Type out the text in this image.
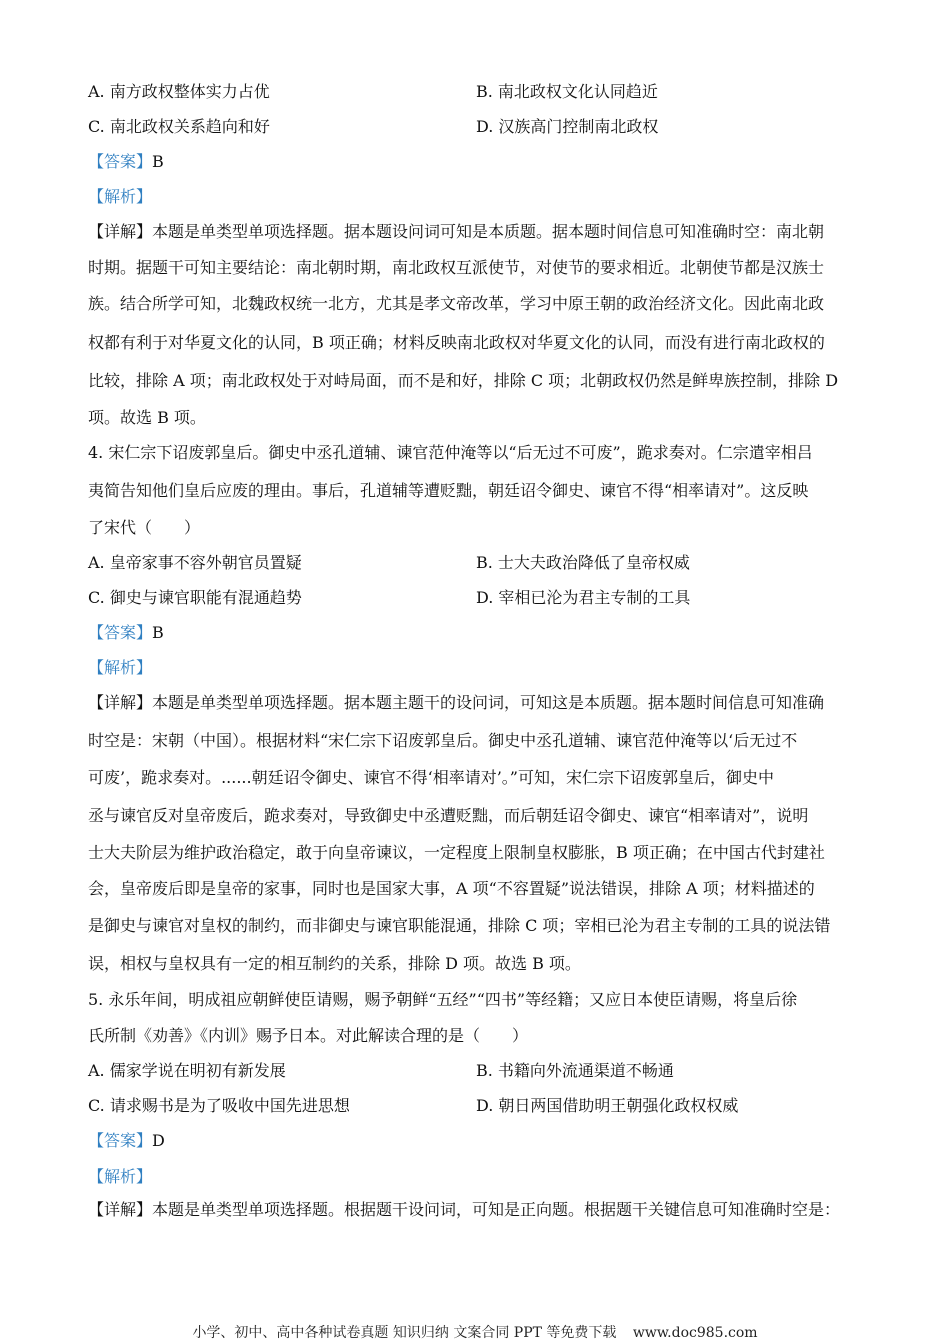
A. 南方政权整体实力占优	B. 南北政权文化认同趋近
C. 南北政权关系趋向和好	D. 汉族高门控制南北政权
【答案】B
【解析】
【详解】本题是单类型单项选择题。据本题设问词可知是本质题。据本题时间信息可知准确时空：南北朝
时期。据题干可知主要结论：南北朝时期，南北政权互派使节，对使节的要求相近。北朝使节都是汉族士
族。结合所学可知，北魏政权统一北方，尤其是孝文帝改革，学习中原王朝的政治经济文化。因此南北政
权都有利于对华夏文化的认同，B 项正确；材料反映南北政权对华夏文化的认同，而没有进行南北政权的
比较，排除 A 项；南北政权处于对峙局面，而不是和好，排除 C 项；北朝政权仍然是鲜卑族控制，排除 D
项。故选 B 项。
4. 宋仁宗下诏废郭皇后。御史中丞孔道辅、谏官范仲淹等以“后无过不可废”，跪求奏对。仁宗遣宰相吕
夷简告知他们皇后应废的理由。事后，孔道辅等遭贬黜，朝廷诏令御史、谏官不得“相率请对”。这反映
了宋代（　　）
A. 皇帝家事不容外朝官员置疑	B. 士大夫政治降低了皇帝权威
C. 御史与谏官职能有混通趋势	D. 宰相已沦为君主专制的工具
【答案】B
【解析】
【详解】本题是单类型单项选择题。据本题主题干的设问词，可知这是本质题。据本题时间信息可知准确
时空是：宋朝（中国）。根据材料“宋仁宗下诏废郭皇后。御史中丞孔道辅、谏官范仲淹等以‘后无过不
可废’，跪求奏对。......朝廷诏令御史、谏官不得‘相率请对’。”可知，宋仁宗下诏废郭皇后，御史中
丞与谏官反对皇帝废后，跪求奏对，导致御史中丞遭贬黜，而后朝廷诏令御史、谏官“相率请对”，说明
士大夫阶层为维护政治稳定，敢于向皇帝谏议，一定程度上限制皇权膨胀，B 项正确；在中国古代封建社
会，皇帝废后即是皇帝的家事，同时也是国家大事，A 项“不容置疑”说法错误，排除 A 项；材料描述的
是御史与谏官对皇权的制约，而非御史与谏官职能混通，排除 C 项；宰相已沦为君主专制的工具的说法错
误，相权与皇权具有一定的相互制约的关系，排除 D 项。故选 B 项。
5. 永乐年间，明成祖应朝鲜使臣请赐，赐予朝鲜“五经”“四书”等经籍；又应日本使臣请赐，将皇后徐
氏所制《劝善》《内训》赐予日本。对此解读合理的是（　　）
A. 儒家学说在明初有新发展	B. 书籍向外流通渠道不畅通
C. 请求赐书是为了吸收中国先进思想	D. 朝日两国借助明王朝强化政权权威
【答案】D
【解析】
【详解】本题是单类型单项选择题。根据题干设问词，可知是正向题。根据题干关键信息可知准确时空是：
小学、初中、高中各种试卷真题 知识归纳 文案合同 PPT 等免费下载 www.doc985.com
